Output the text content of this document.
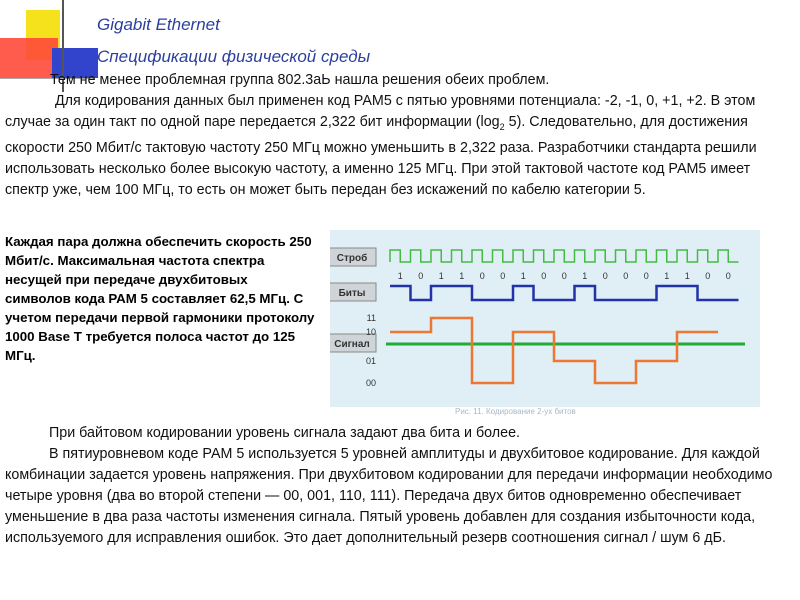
Gigabit Ethernet
Спецификации физической среды

Тем не менее проблемная группа 802.3аЬ нашла решения обеих проблем.

Для кодирования данных был применен код РАМ5 с пятью уровнями потенциала: -2, -1, 0, +1, +2. В этом случае за один такт по одной паре передается 2,322 бит информации ($\log_2$ 5). Следовательно, для достижения скорости 250 Мбит/с тактовую частоту 250 МГц можно уменьшить в 2,322 раза. Разработчики стандарта решили использовать несколько более высокую частоту, а именно 125 МГц. При этой тактовой частоте код РАМ5 имеет спектр уже, чем 100 МГц, то есть он может быть передан без искажений по кабелю категории 5.

Каждая пара должна обеспечить скорость 250 Мбит/с. Максимальная частота спектра несущей при передаче двухбитовых символов кода РАМ 5 составляет 62,5 МГц. С учетом передачи первой гармоники протоколу 1000 Base T требуется полоса частот до 125 МГц.
Строб
Биты
Сигнал
11
10
01
00
1 0 1 1 0 0 1 0 0 1 0 0 0 1 1 0 0
Рис. 11. Кодирование 2-ух битов

При байтовом кодировании уровень сигнала задают два бита и более.

В пятиуровневом коде РАМ 5 используется 5 уровней амплитуды и двухбитовое кодирование. Для каждой комбинации задается уровень напряжения. При двухбитовом кодировании для передачи информации необходимо четыре уровня (два во второй степени — 00, 001, 110, 111). Передача двух битов одновременно обеспечивает уменьшение в два раза частоты изменения сигнала. Пятый уровень добавлен для создания избыточности кода, используемого для исправления ошибок. Это дает дополнительный резерв соотношения сигнал / шум 6 дБ.
